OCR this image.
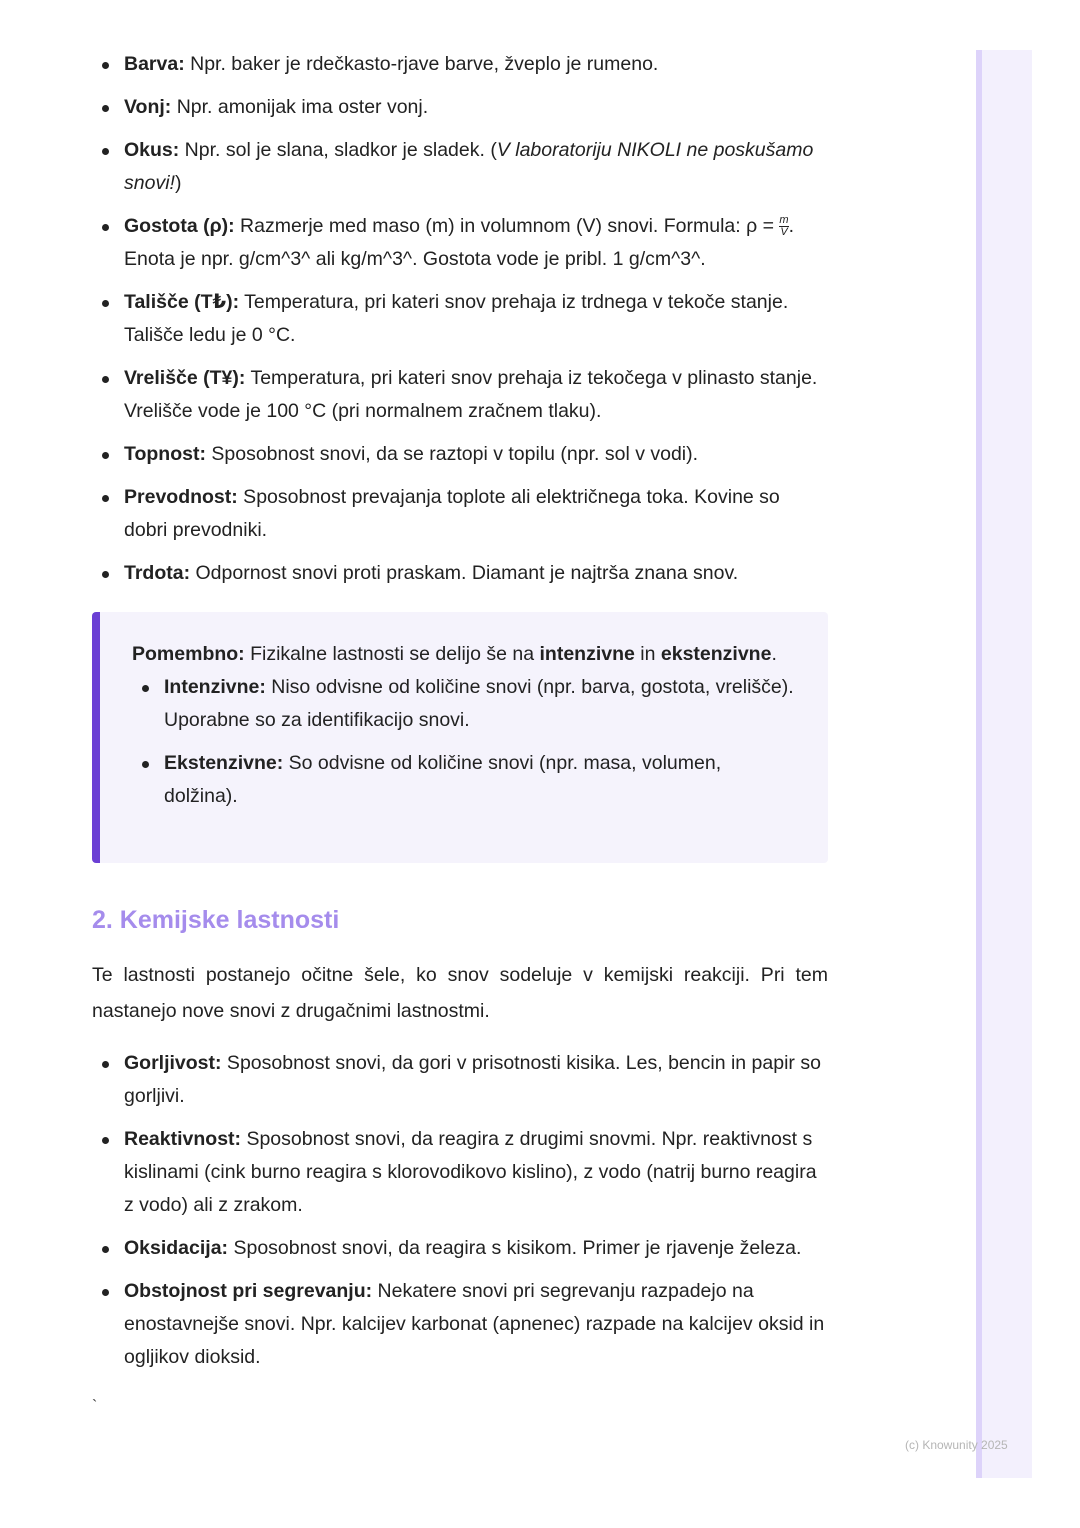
Barva: Npr. baker je rdečkasto-rjave barve, žveplo je rumeno.
Vonj: Npr. amonijak ima oster vonj.
Okus: Npr. sol je slana, sladkor je sladek. (V laboratoriju NIKOLI ne poskušamo snovi!)
Gostota (ρ): Razmerje med maso (m) in volumnom (V) snovi. Formula: $\rho = \frac{m}{V}$ . Enota je npr. g/cm^3^ ali kg/m^3^. Gostota vode je pribl. 1 g/cm^3^.
Tališče (T₺): Temperatura, pri kateri snov prehaja iz trdnega v tekoče stanje. Tališče ledu je 0 °C.
Vrelišče (T¥): Temperatura, pri kateri snov prehaja iz tekočega v plinasto stanje. Vrelišče vode je 100 °C (pri normalnem zračnem tlaku).
Topnost: Sposobnost snovi, da se raztopi v topilu (npr. sol v vodi).
Prevodnost: Sposobnost prevajanja toplote ali električnega toka. Kovine so dobri prevodniki.
Trdota: Odpornost snovi proti praskam. Diamant je najtrša znana snov.

Pomembno: Fizikalne lastnosti se delijo še na intenzivne in ekstenzivne.

Intenzivne: Niso odvisne od količine snovi (npr. barva, gostota, vrelišče). Uporabne so za identifikacijo snovi.
Ekstenzivne: So odvisne od količine snovi (npr. masa, volumen, dolžina).
2. Kemijske lastnosti

Te lastnosti postanejo očitne šele, ko snov sodeluje v kemijski reakciji. Pri tem nastanejo nove snovi z drugačnimi lastnostmi.

Gorljivost: Sposobnost snovi, da gori v prisotnosti kisika. Les, bencin in papir so gorljivi.
Reaktivnost: Sposobnost snovi, da reagira z drugimi snovmi. Npr. reaktivnost s kislinami (cink burno reagira s klorovodikovo kislino), z vodo (natrij burno reagira z vodo) ali z zrakom.
Oksidacija: Sposobnost snovi, da reagira s kisikom. Primer je rjavenje železa.
Obstojnost pri segrevanju: Nekatere snovi pri segrevanju razpadejo na enostavnejše snovi. Npr. kalcijev karbonat (apnenec) razpade na kalcijev oksid in ogljikov dioksid.
`
(c) Knowunity 2025
